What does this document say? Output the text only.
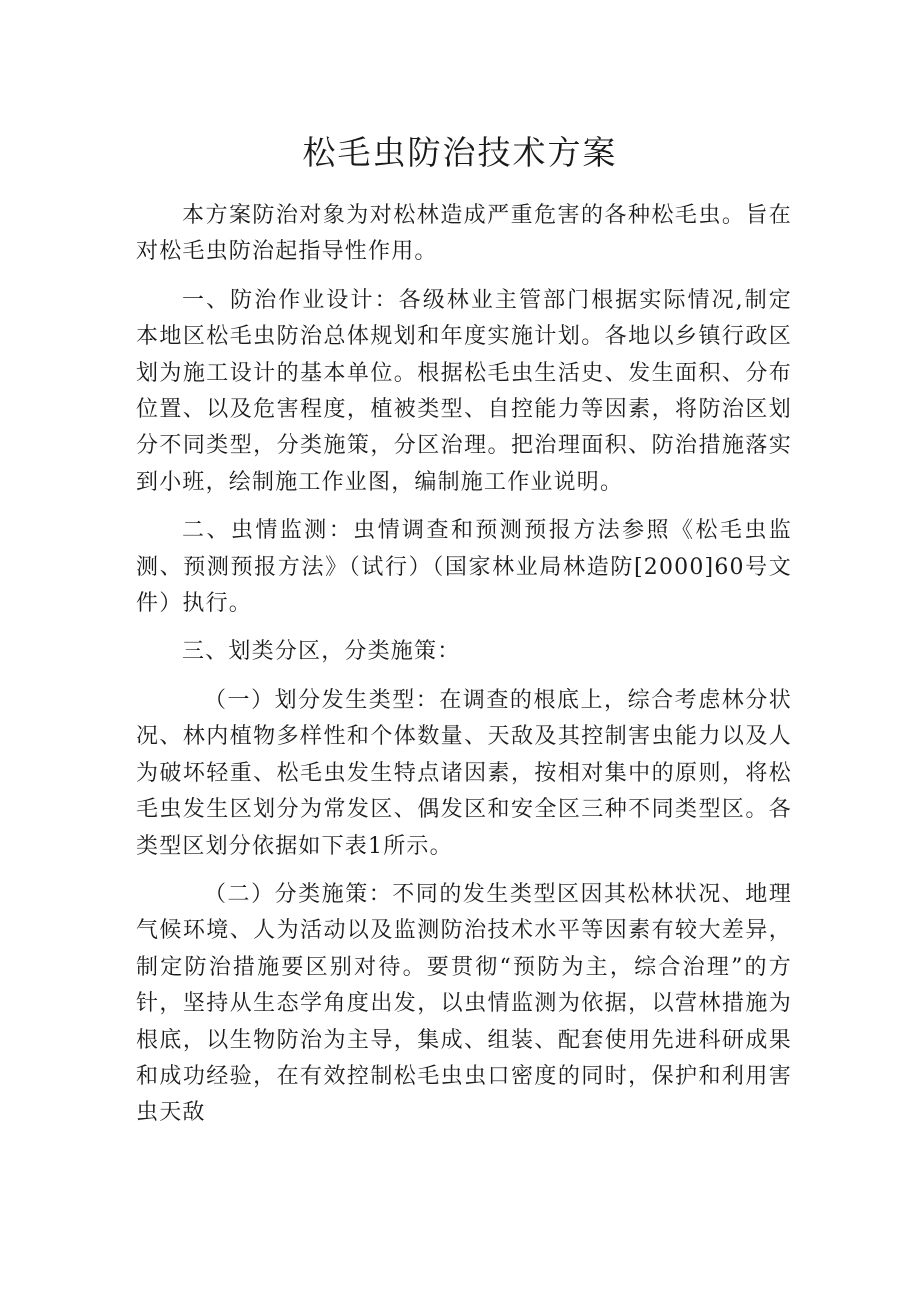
松毛虫防治技术方案

本方案防治对象为对松林造成严重危害的各种松毛虫。旨在对松毛虫防治起指导性作用。

一、防治作业设计：各级林业主管部门根据实际情况,制定本地区松毛虫防治总体规划和年度实施计划。各地以乡镇行政区划为施工设计的基本单位。根据松毛虫生活史、发生面积、分布位置、以及危害程度，植被类型、自控能力等因素，将防治区划分不同类型，分类施策，分区治理。把治理面积、防治措施落实到小班，绘制施工作业图，编制施工作业说明。

二、虫情监测：虫情调查和预测预报方法参照《松毛虫监测、预测预报方法》（试行）（国家林业局林造防[2000]60号文件）执行。

三、划类分区，分类施策：

（一）划分发生类型：在调查的根底上，综合考虑林分状况、林内植物多样性和个体数量、天敌及其控制害虫能力以及人为破坏轻重、松毛虫发生特点诸因素，按相对集中的原则，将松毛虫发生区划分为常发区、偶发区和安全区三种不同类型区。各类型区划分依据如下表1所示。

（二）分类施策：不同的发生类型区因其松林状况、地理气候环境、人为活动以及监测防治技术水平等因素有较大差异，制定防治措施要区别对待。要贯彻“预防为主，综合治理”的方针，坚持从生态学角度出发，以虫情监测为依据，以营林措施为根底，以生物防治为主导，集成、组装、配套使用先进科研成果和成功经验，在有效控制松毛虫虫口密度的同时，保护和利用害虫天敌
